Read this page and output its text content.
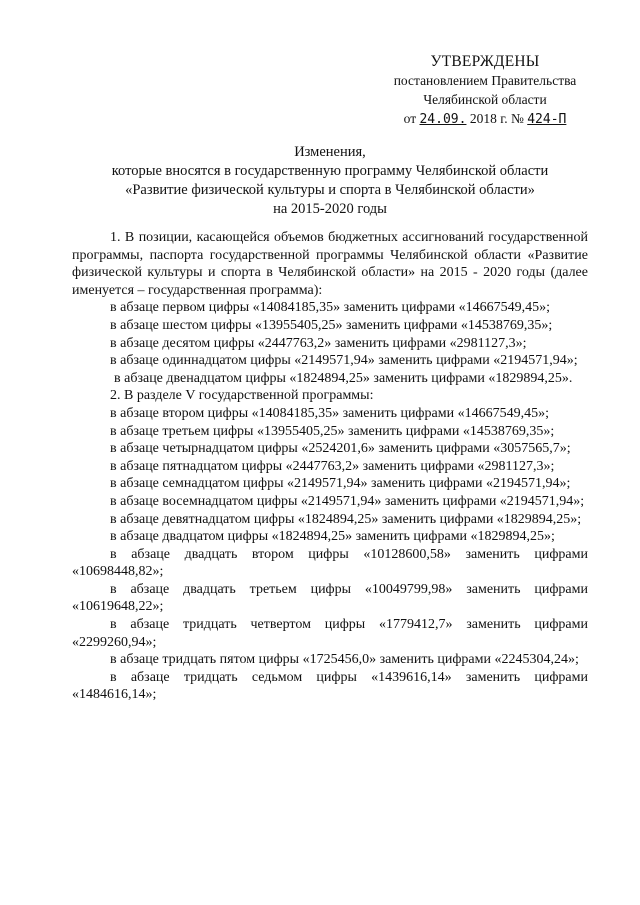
УТВЕРЖДЕНЫ
постановлением Правительства
Челябинской области
от 24.09. 2018 г. № 424-П
Изменения,
которые вносятся в государственную программу Челябинской области
«Развитие физической культуры и спорта в Челябинской области»
на 2015-2020 годы

1. В позиции, касающейся объемов бюджетных ассигнований государственной программы, паспорта государственной программы Челябинской области «Развитие физической культуры и спорта в Челябинской области» на 2015 - 2020 годы (далее именуется – государственная программа):

в абзаце первом цифры «14084185,35» заменить цифрами «14667549,45»;

в абзаце шестом цифры «13955405,25» заменить цифрами «14538769,35»;

в абзаце десятом цифры «2447763,2» заменить цифрами «2981127,3»;

в абзаце одиннадцатом цифры «2149571,94» заменить цифрами «2194571,94»;

в абзаце двенадцатом цифры «1824894,25» заменить цифрами «1829894,25».

2. В разделе V государственной программы:

в абзаце втором цифры «14084185,35» заменить цифрами «14667549,45»;

в абзаце третьем цифры «13955405,25» заменить цифрами «14538769,35»;

в абзаце четырнадцатом цифры «2524201,6» заменить цифрами «3057565,7»;

в абзаце пятнадцатом цифры «2447763,2» заменить цифрами «2981127,3»;

в абзаце семнадцатом цифры «2149571,94» заменить цифрами «2194571,94»;

в абзаце восемнадцатом цифры «2149571,94» заменить цифрами «2194571,94»;

в абзаце девятнадцатом цифры «1824894,25» заменить цифрами «1829894,25»;

в абзаце двадцатом цифры «1824894,25» заменить цифрами «1829894,25»;

в абзаце двадцать втором цифры «10128600,58» заменить цифрами «10698448,82»;

в абзаце двадцать третьем цифры «10049799,98» заменить цифрами «10619648,22»;

в абзаце тридцать четвертом цифры «1779412,7» заменить цифрами «2299260,94»;

в абзаце тридцать пятом цифры «1725456,0» заменить цифрами «2245304,24»;

в абзаце тридцать седьмом цифры «1439616,14» заменить цифрами «1484616,14»;
